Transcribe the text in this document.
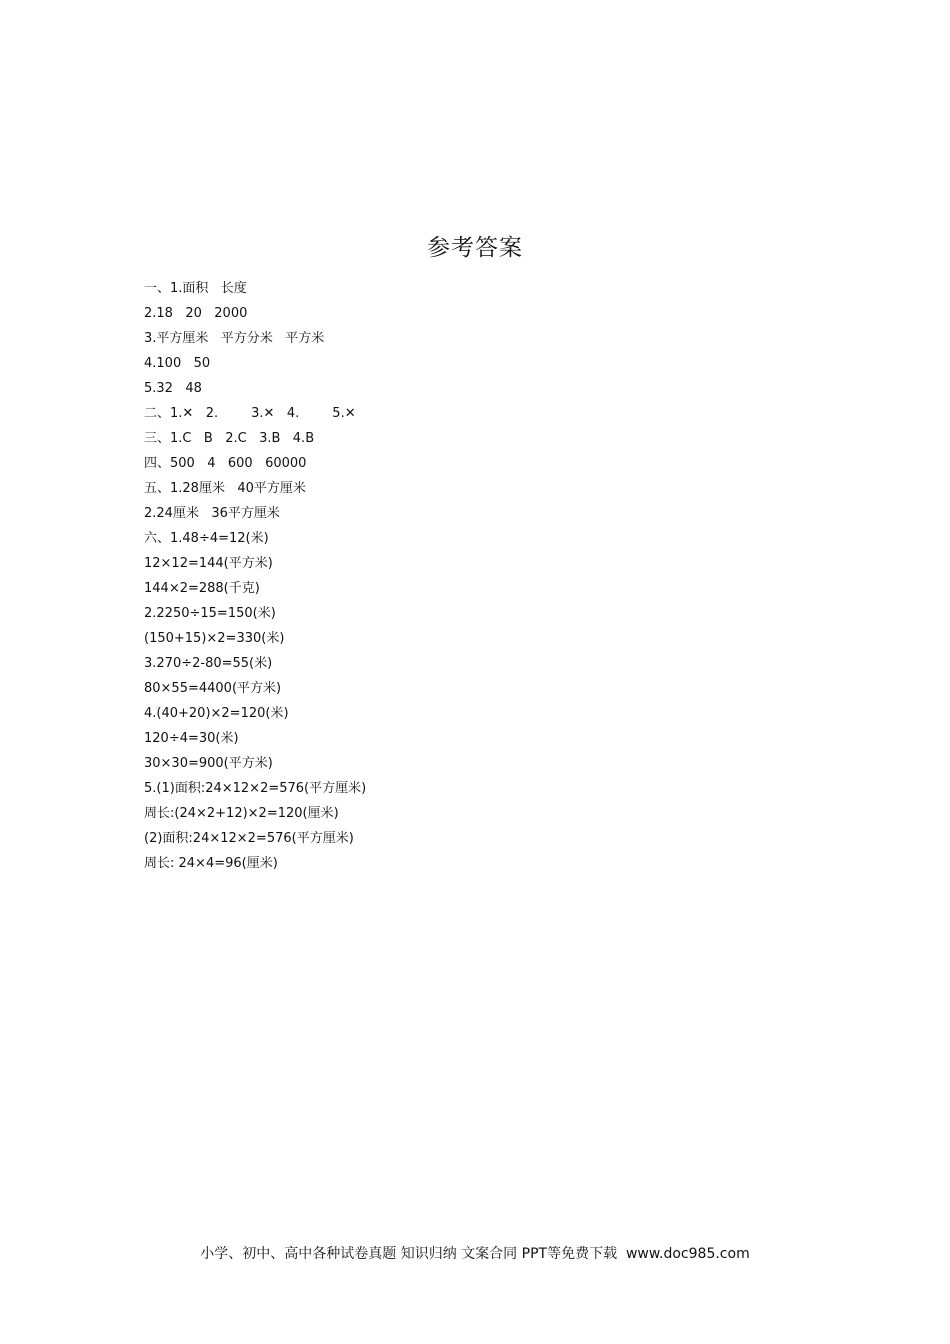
参考答案
一、1.面积   长度
2.18   20   2000
3.平方厘米   平方分米   平方米
4.100   50
5.32   48
二、1.✕   2.        3.✕   4.        5.✕
三、1.C   B   2.C   3.B   4.B
四、500   4   600   60000
五、1.28厘米   40平方厘米
2.24厘米   36平方厘米
六、1.48÷4=12(米)
12×12=144(平方米)
144×2=288(千克)
2.2250÷15=150(米)
(150+15)×2=330(米)
3.270÷2-80=55(米)
80×55=4400(平方米)
4.(40+20)×2=120(米)
120÷4=30(米)
30×30=900(平方米)
5.(1)面积:24×12×2=576(平方厘米)
周长:(24×2+12)×2=120(厘米)
(2)面积:24×12×2=576(平方厘米)
周长: 24×4=96(厘米)
小学、初中、高中各种试卷真题 知识归纳 文案合同 PPT等免费下载  www.doc985.com
